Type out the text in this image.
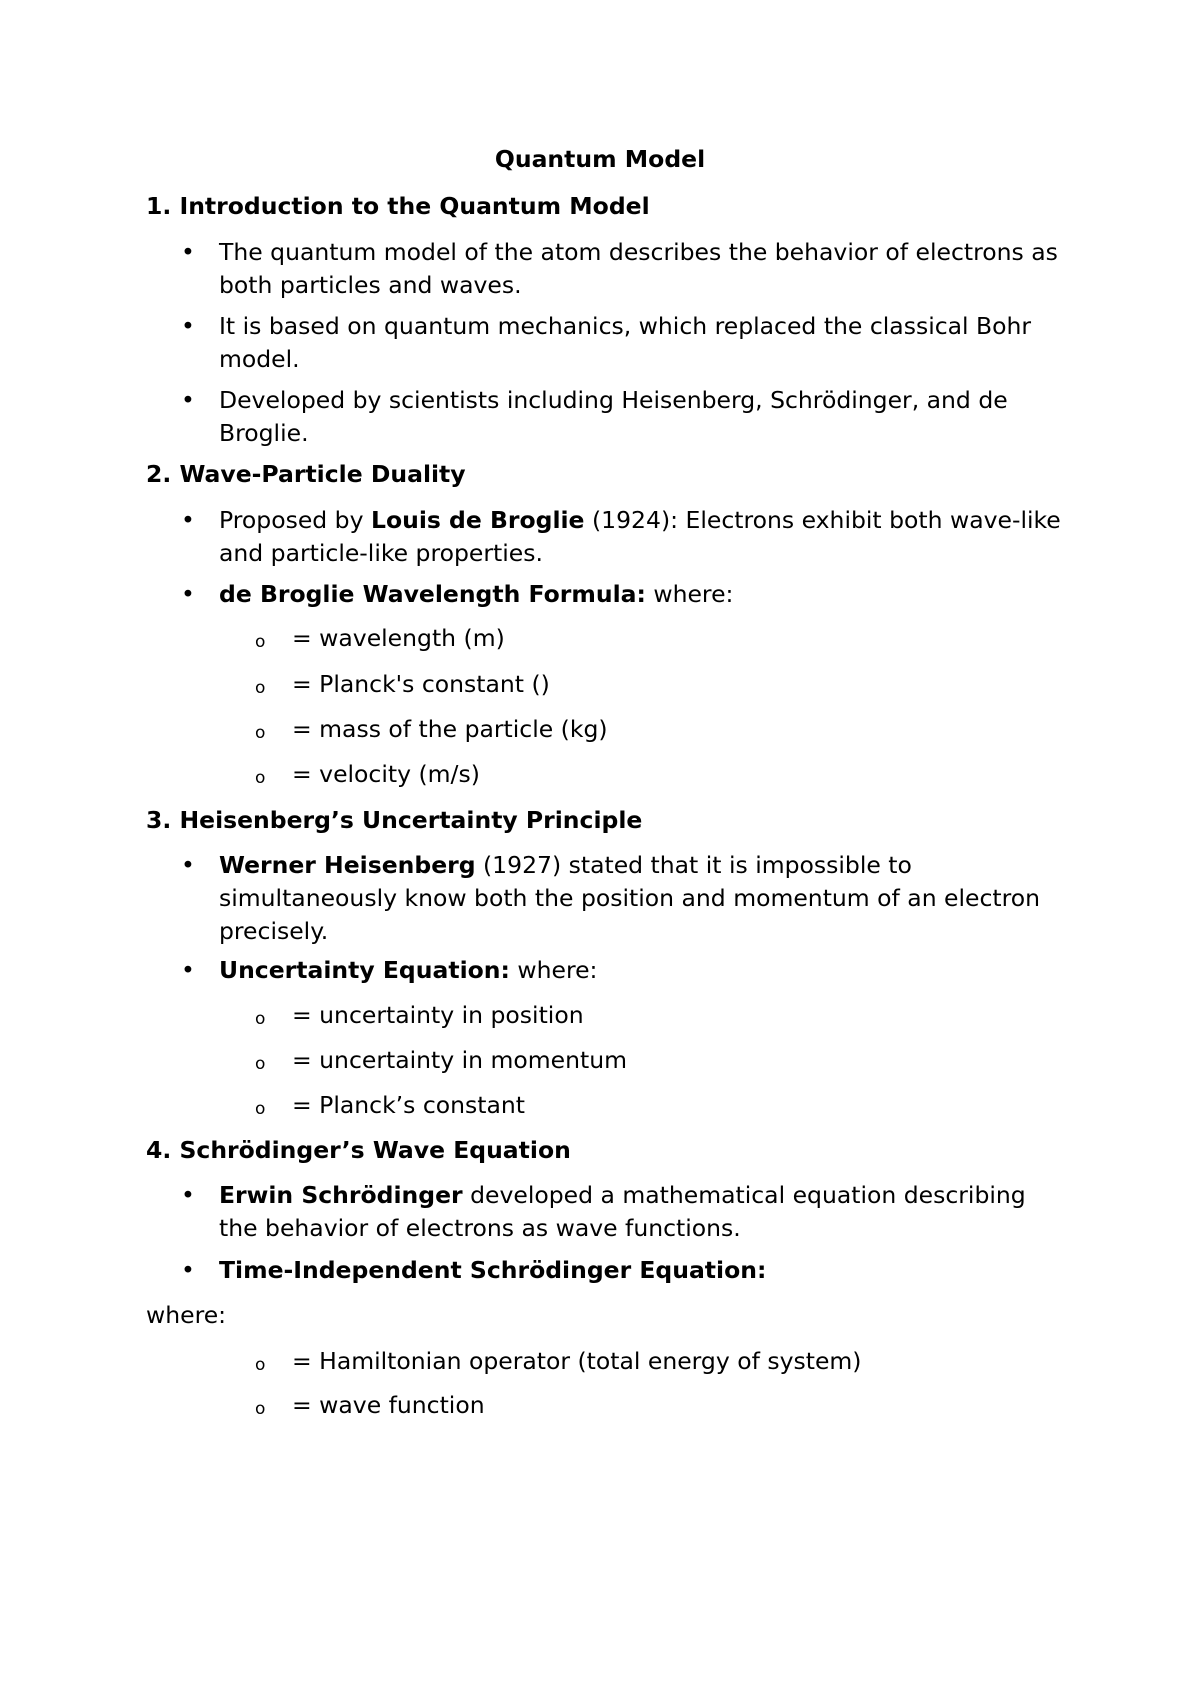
Quantum Model
1. Introduction to the Quantum Model
• The quantum model of the atom describes the behavior of electrons as both particles and waves.
• It is based on quantum mechanics, which replaced the classical Bohr model.
• Developed by scientists including Heisenberg, Schrödinger, and de Broglie.
2. Wave-Particle Duality
• Proposed by Louis de Broglie (1924): Electrons exhibit both wave-like and particle-like properties.
• de Broglie Wavelength Formula: where:
o = wavelength (m)
o = Planck's constant ()
o = mass of the particle (kg)
o = velocity (m/s)
3. Heisenberg’s Uncertainty Principle
• Werner Heisenberg (1927) stated that it is impossible to simultaneously know both the position and momentum of an electron precisely.
• Uncertainty Equation: where:
o = uncertainty in position
o = uncertainty in momentum
o = Planck’s constant
4. Schrödinger’s Wave Equation
• Erwin Schrödinger developed a mathematical equation describing the behavior of electrons as wave functions.
• Time-Independent Schrödinger Equation:
where:
o = Hamiltonian operator (total energy of system)
o = wave function
